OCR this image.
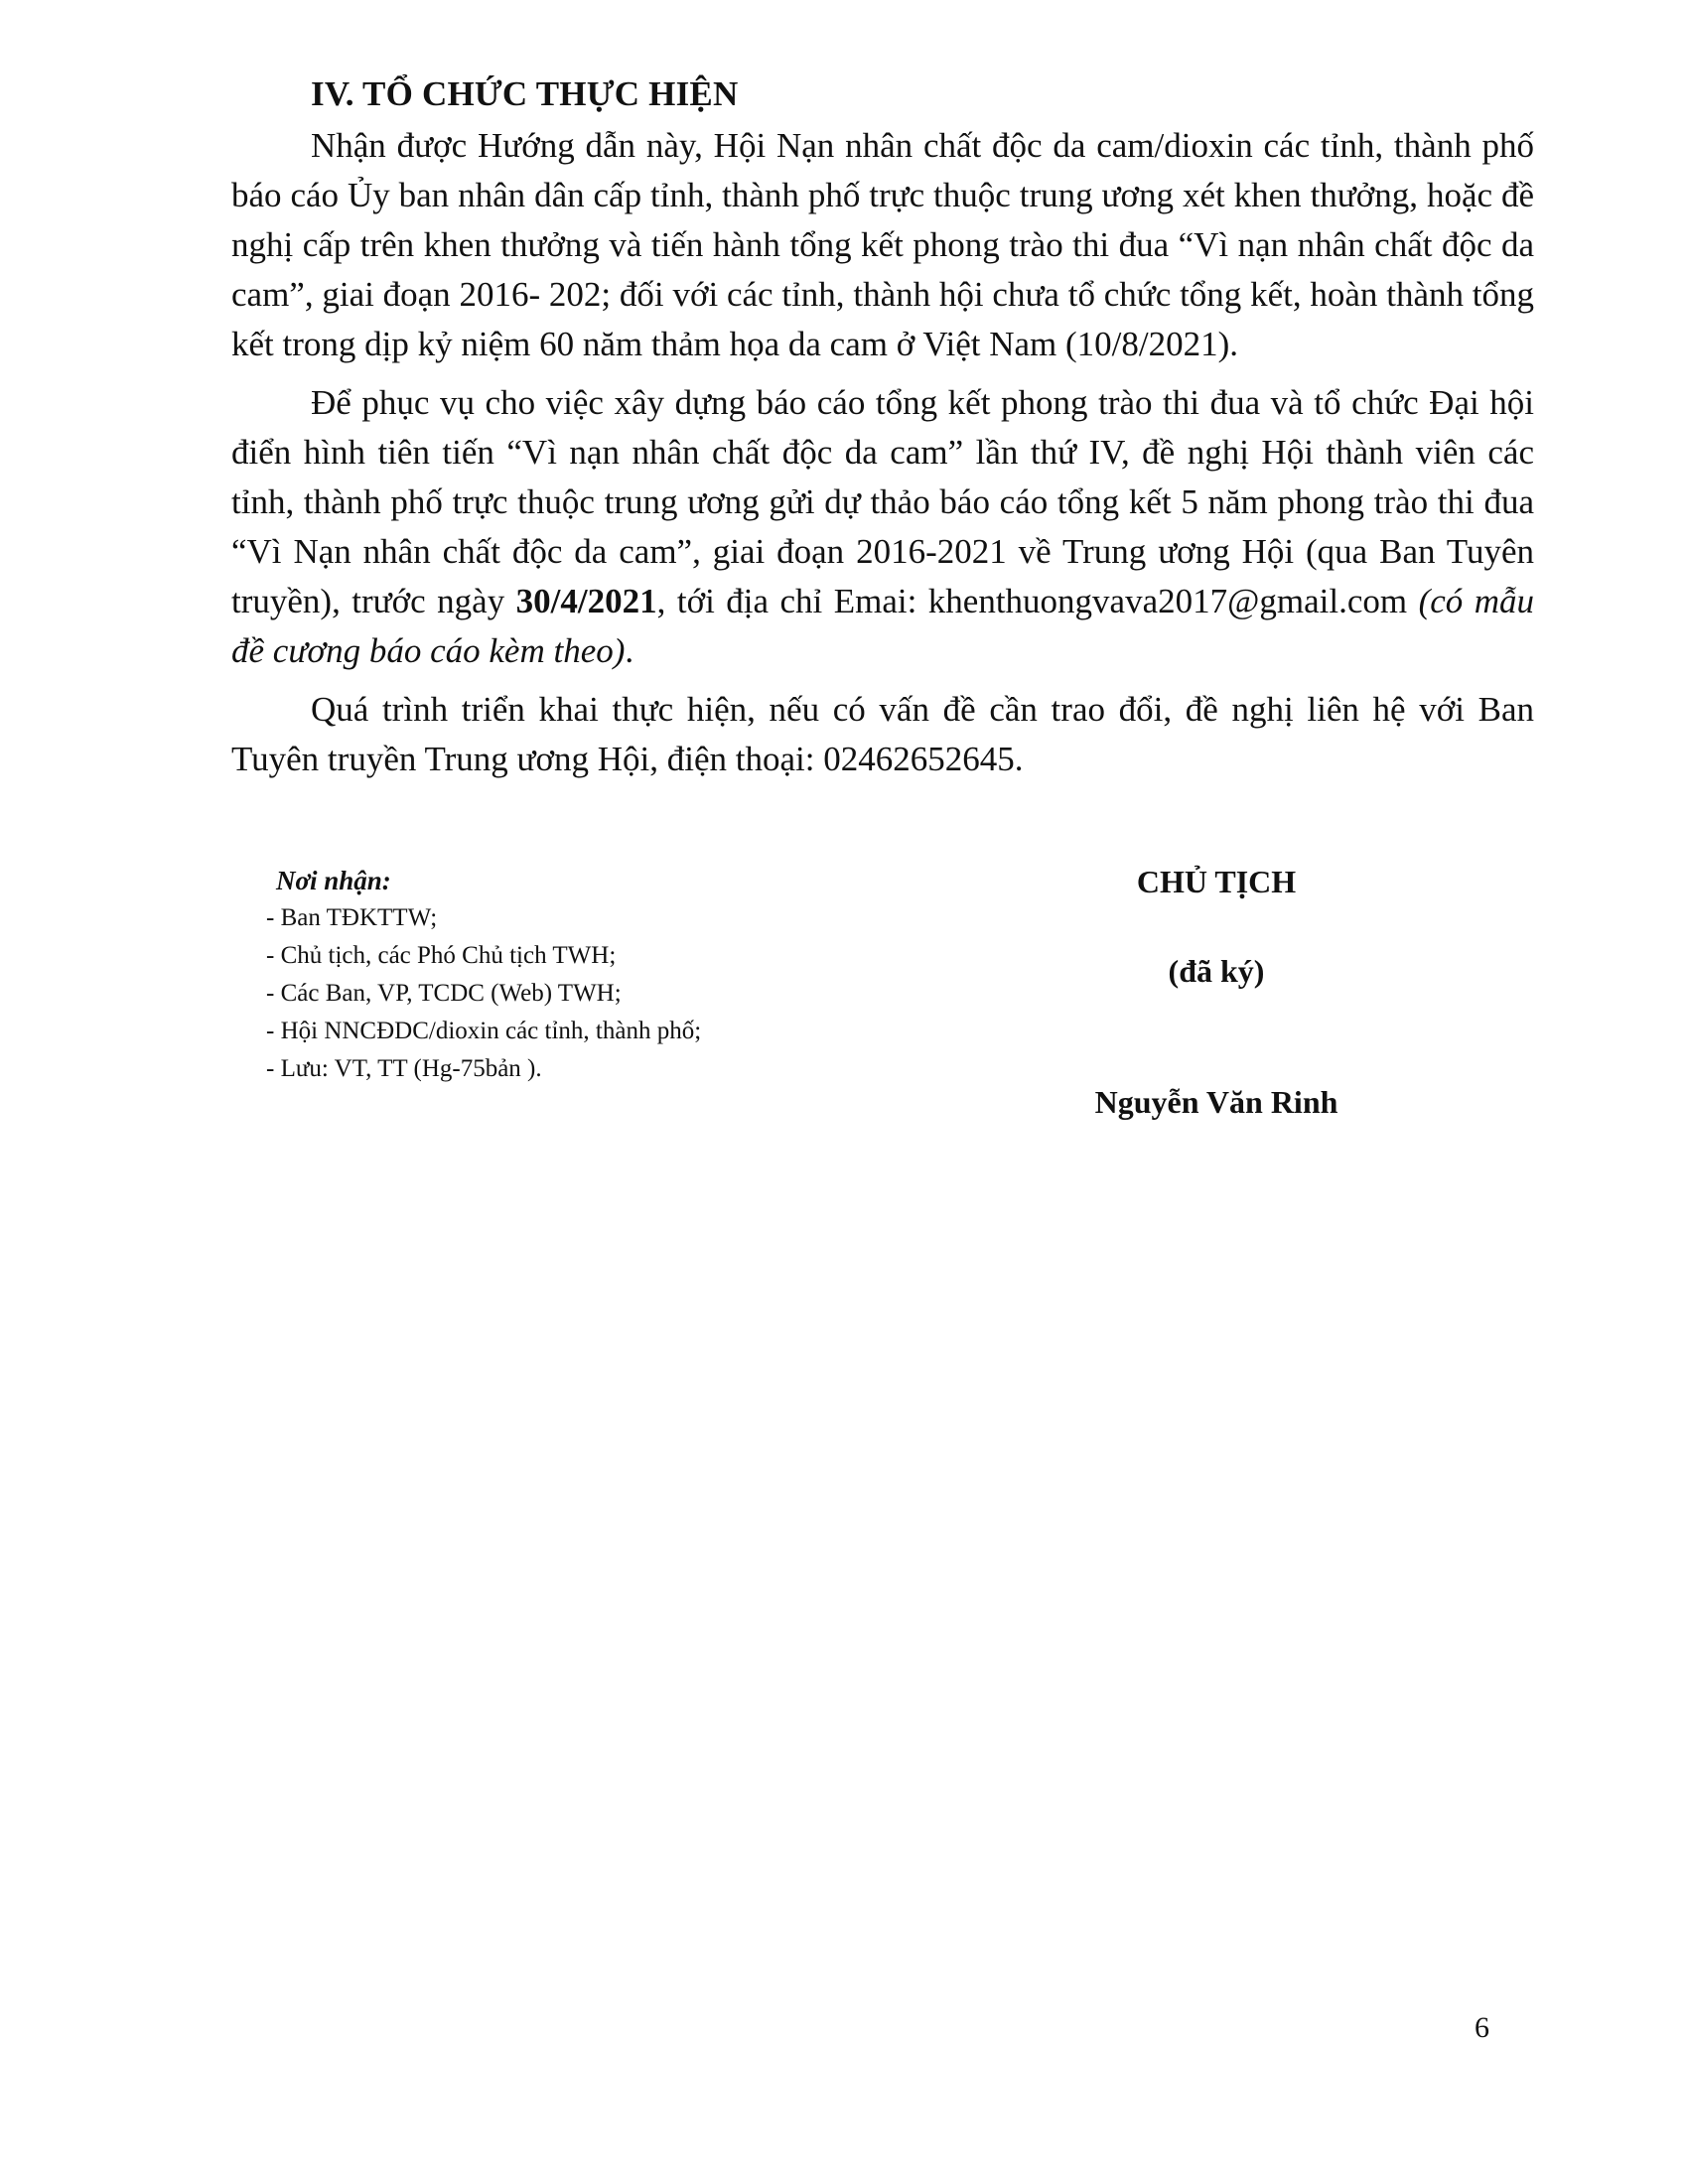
IV. TỔ CHỨC THỰC HIỆN

Nhận được Hướng dẫn này, Hội Nạn nhân chất độc da cam/dioxin các tỉnh, thành phố báo cáo Ủy ban nhân dân cấp tỉnh, thành phố trực thuộc trung ương xét khen thưởng, hoặc đề nghị cấp trên khen thưởng và tiến hành tổng kết phong trào thi đua “Vì nạn nhân chất độc da cam”, giai đoạn 2016- 202; đối với các tỉnh, thành hội chưa tổ chức tổng kết, hoàn thành tổng kết trong dịp kỷ niệm 60 năm thảm họa da cam ở Việt Nam (10/8/2021).

Để phục vụ cho việc xây dựng báo cáo tổng kết phong trào thi đua và tổ chức Đại hội điển hình tiên tiến “Vì nạn nhân chất độc da cam” lần thứ IV, đề nghị Hội thành viên các tỉnh, thành phố trực thuộc trung ương gửi dự thảo báo cáo tổng kết 5 năm phong trào thi đua “Vì Nạn nhân chất độc da cam”, giai đoạn 2016-2021 về Trung ương Hội (qua Ban Tuyên truyền), trước ngày 30/4/2021, tới địa chỉ Emai: khenthuongvava2017@gmail.com (có mẫu đề cương báo cáo kèm theo).

Quá trình triển khai thực hiện, nếu có vấn đề cần trao đổi, đề nghị liên hệ với Ban Tuyên truyền Trung ương Hội, điện thoại: 02462652645.

Nơi nhận:
- Ban TĐKTTW;
- Chủ tịch, các Phó Chủ tịch TWH;
- Các Ban, VP, TCDC (Web) TWH;
- Hội NNCĐDC/dioxin các tỉnh, thành phố;
- Lưu: VT, TT (Hg-75bản ).

CHỦ TỊCH

(đã ký)

Nguyễn Văn Rinh

6
